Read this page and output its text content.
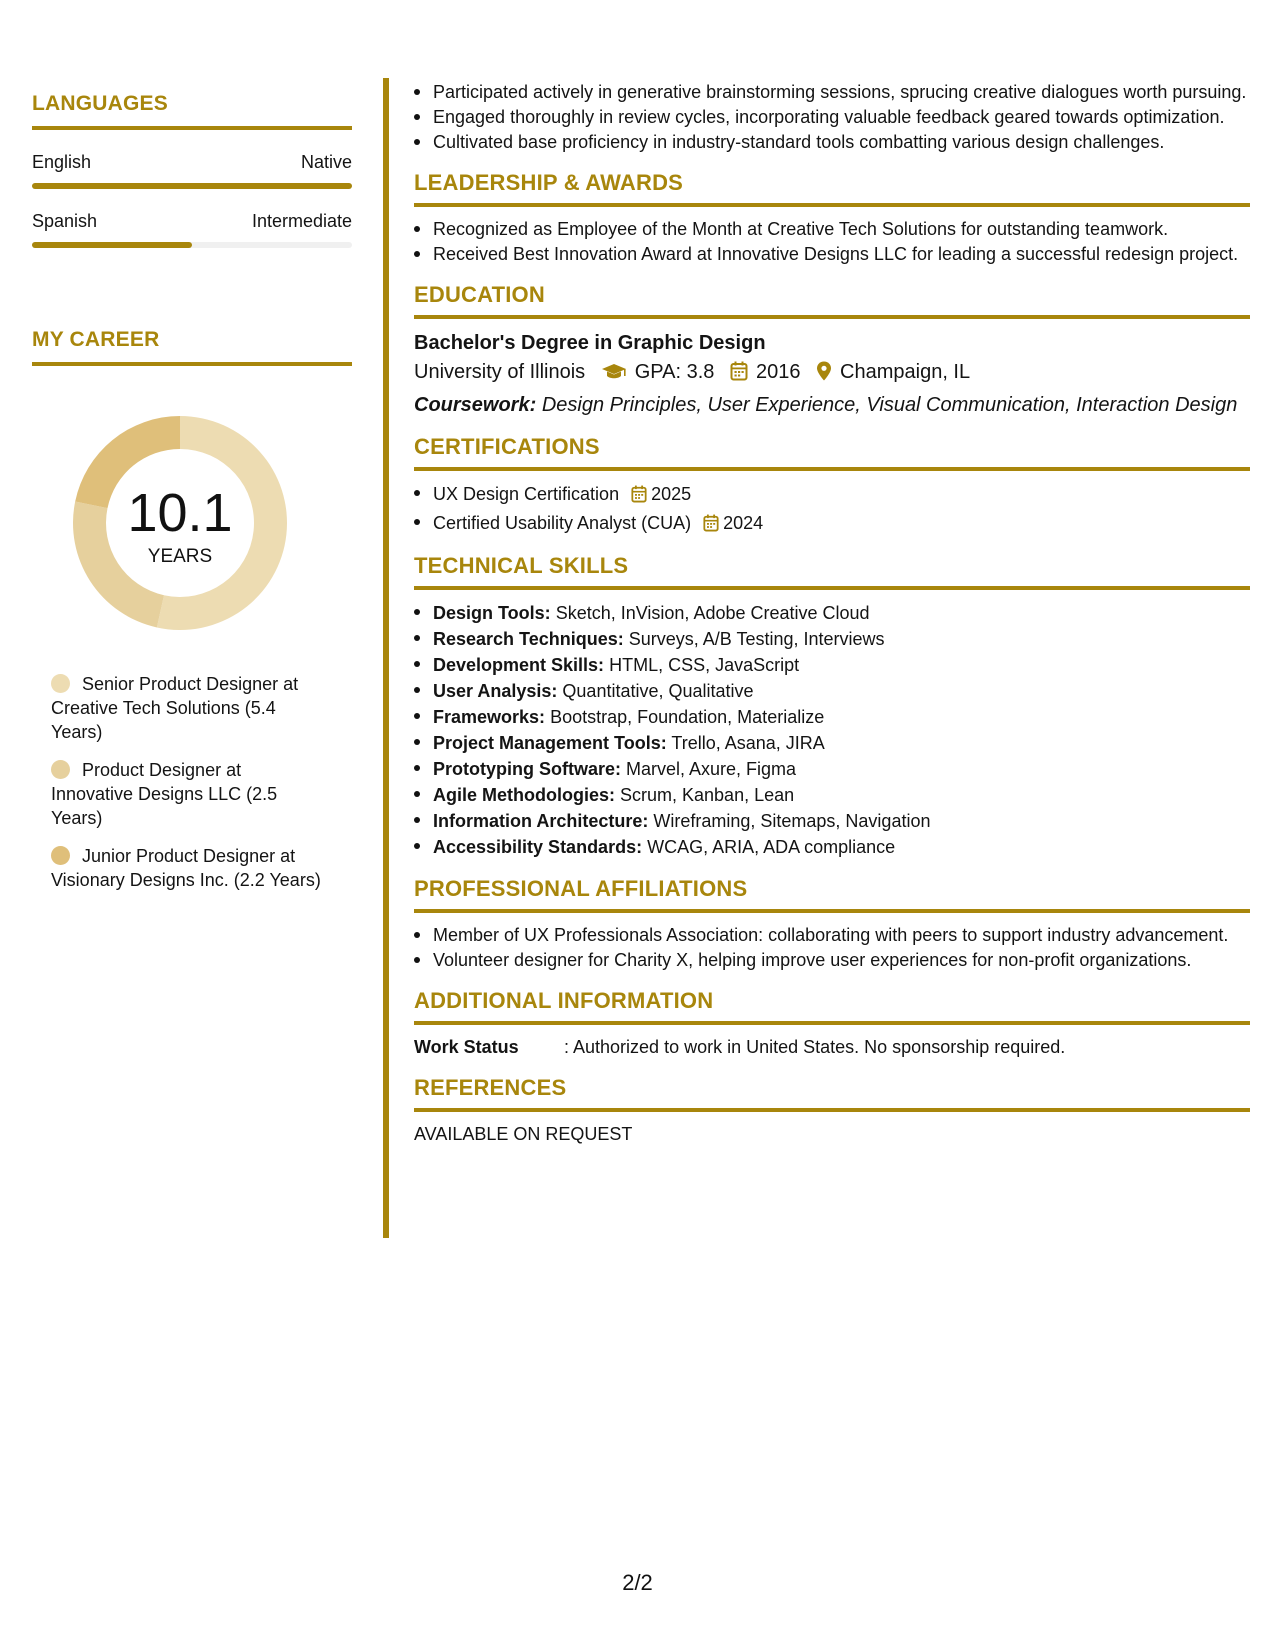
LANGUAGES
English	Native
Spanish	Intermediate
MY CAREER
10.1
YEARS
Senior Product Designer at Creative Tech Solutions (5.4 Years)
Product Designer at Innovative Designs LLC (2.5 Years)
Junior Product Designer at Visionary Designs Inc. (2.2 Years)
Participated actively in generative brainstorming sessions, sprucing creative dialogues worth pursuing.
Engaged thoroughly in review cycles, incorporating valuable feedback geared towards optimization.
Cultivated base proficiency in industry-standard tools combatting various design challenges.
LEADERSHIP & AWARDS
Recognized as Employee of the Month at Creative Tech Solutions for outstanding teamwork.
Received Best Innovation Award at Innovative Designs LLC for leading a successful redesign project.
EDUCATION
Bachelor's Degree in Graphic Design
University of Illinois GPA: 3.8 2016 Champaign, IL
Coursework: Design Principles, User Experience, Visual Communication, Interaction Design
CERTIFICATIONS
UX Design Certification 2025
Certified Usability Analyst (CUA) 2024
TECHNICAL SKILLS
Design Tools: Sketch, InVision, Adobe Creative Cloud
Research Techniques: Surveys, A/B Testing, Interviews
Development Skills: HTML, CSS, JavaScript
User Analysis: Quantitative, Qualitative
Frameworks: Bootstrap, Foundation, Materialize
Project Management Tools: Trello, Asana, JIRA
Prototyping Software: Marvel, Axure, Figma
Agile Methodologies: Scrum, Kanban, Lean
Information Architecture: Wireframing, Sitemaps, Navigation
Accessibility Standards: WCAG, ARIA, ADA compliance
PROFESSIONAL AFFILIATIONS
Member of UX Professionals Association: collaborating with peers to support industry advancement.
Volunteer designer for Charity X, helping improve user experiences for non-profit organizations.
ADDITIONAL INFORMATION
Work Status	: Authorized to work in United States. No sponsorship required.
REFERENCES
AVAILABLE ON REQUEST
2/2
